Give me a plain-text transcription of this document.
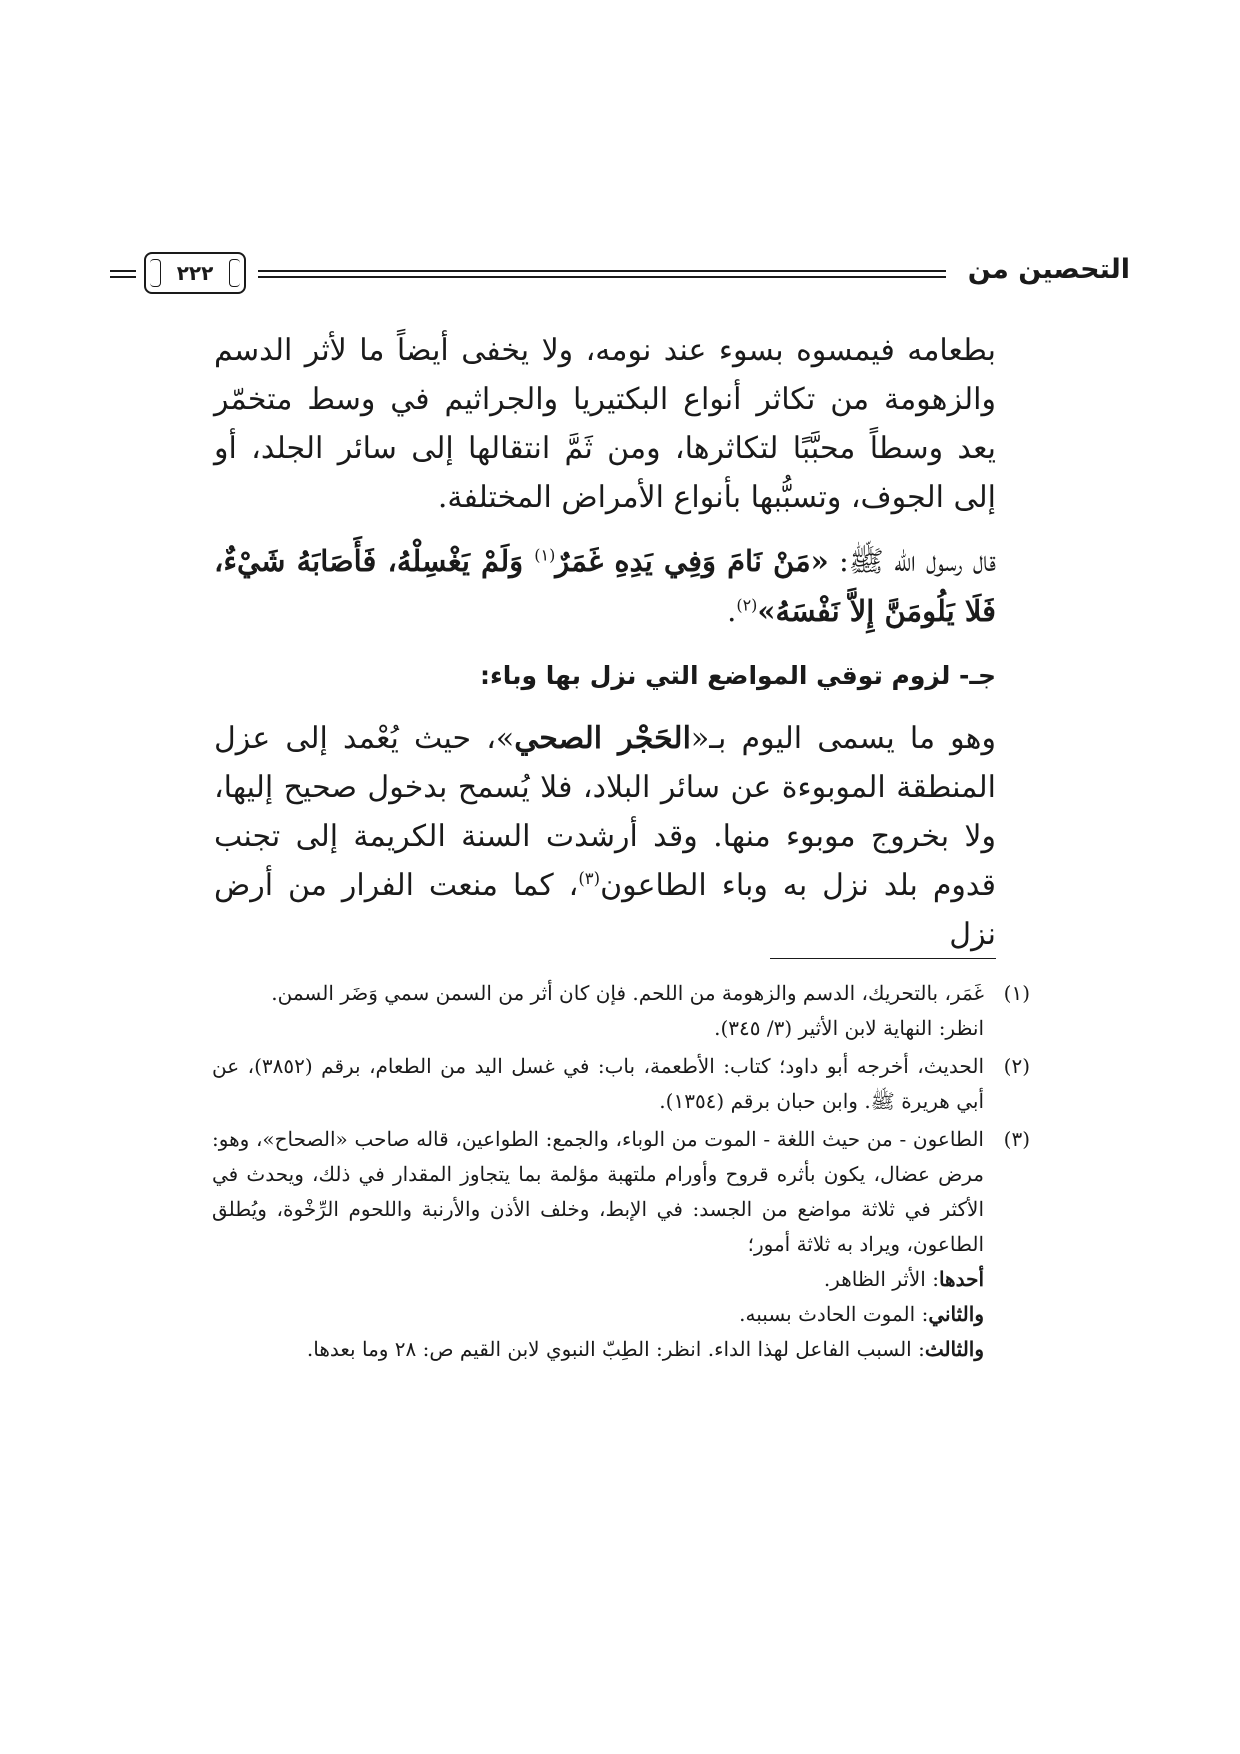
٢٢٢	التحصين من

بطعامه فيمسوه بسوء عند نومه، ولا يخفى أيضاً ما لأثر الدسم والزهومة من تكاثر أنواع البكتيريا والجراثيم في وسط متخمّر يعد وسطاً محبَّبًا لتكاثرها، ومن ثَمَّ انتقالها إلى سائر الجلد، أو إلى الجوف، وتسبُّبها بأنواع الأمراض المختلفة.

قال رسول الله ﷺ: «مَنْ نَامَ وَفِي يَدِهِ غَمَرٌ$^{(١)}$ وَلَمْ يَغْسِلْهُ، فَأَصَابَهُ شَيْءٌ، فَلَا يَلُومَنَّ إِلاَّ نَفْسَهُ»$^{(٢)}$.

جـ- لزوم توقي المواضع التي نزل بها وباء:

وهو ما يسمى اليوم بـ«الحَجْر الصحي»، حيث يُعْمد إلى عزل المنطقة الموبوءة عن سائر البلاد، فلا يُسمح بدخول صحيح إليها، ولا بخروج موبوء منها. وقد أرشدت السنة الكريمة إلى تجنب قدوم بلد نزل به وباء الطاعون$^{(٣)}$، كما منعت الفرار من أرض نزل

(١)
غَمَر، بالتحريك، الدسم والزهومة من اللحم. فإن كان أثر من السمن سمي وَضَر السمن.
انظر: النهاية لابن الأثير (٣/ ٣٤٥).
(٢)
الحديث، أخرجه أبو داود؛ كتاب: الأطعمة، باب: في غسل اليد من الطعام، برقم (٣٨٥٢)، عن أبي هريرة ﷺ. وابن حبان برقم (١٣٥٤).
(٣)
الطاعون - من حيث اللغة - الموت من الوباء، والجمع: الطواعين، قاله صاحب «الصحاح»، وهو: مرض عضال، يكون بأثره قروح وأورام ملتهبة مؤلمة بما يتجاوز المقدار في ذلك، ويحدث في الأكثر في ثلاثة مواضع من الجسد: في الإبط، وخلف الأذن والأرنبة واللحوم الرِّخْوة، ويُطلق الطاعون، ويراد به ثلاثة أمور؛
أحدها: الأثر الظاهر.
والثاني: الموت الحادث بسببه.
والثالث: السبب الفاعل لهذا الداء. انظر: الطِبّ النبوي لابن القيم ص: ٢٨ وما بعدها.
